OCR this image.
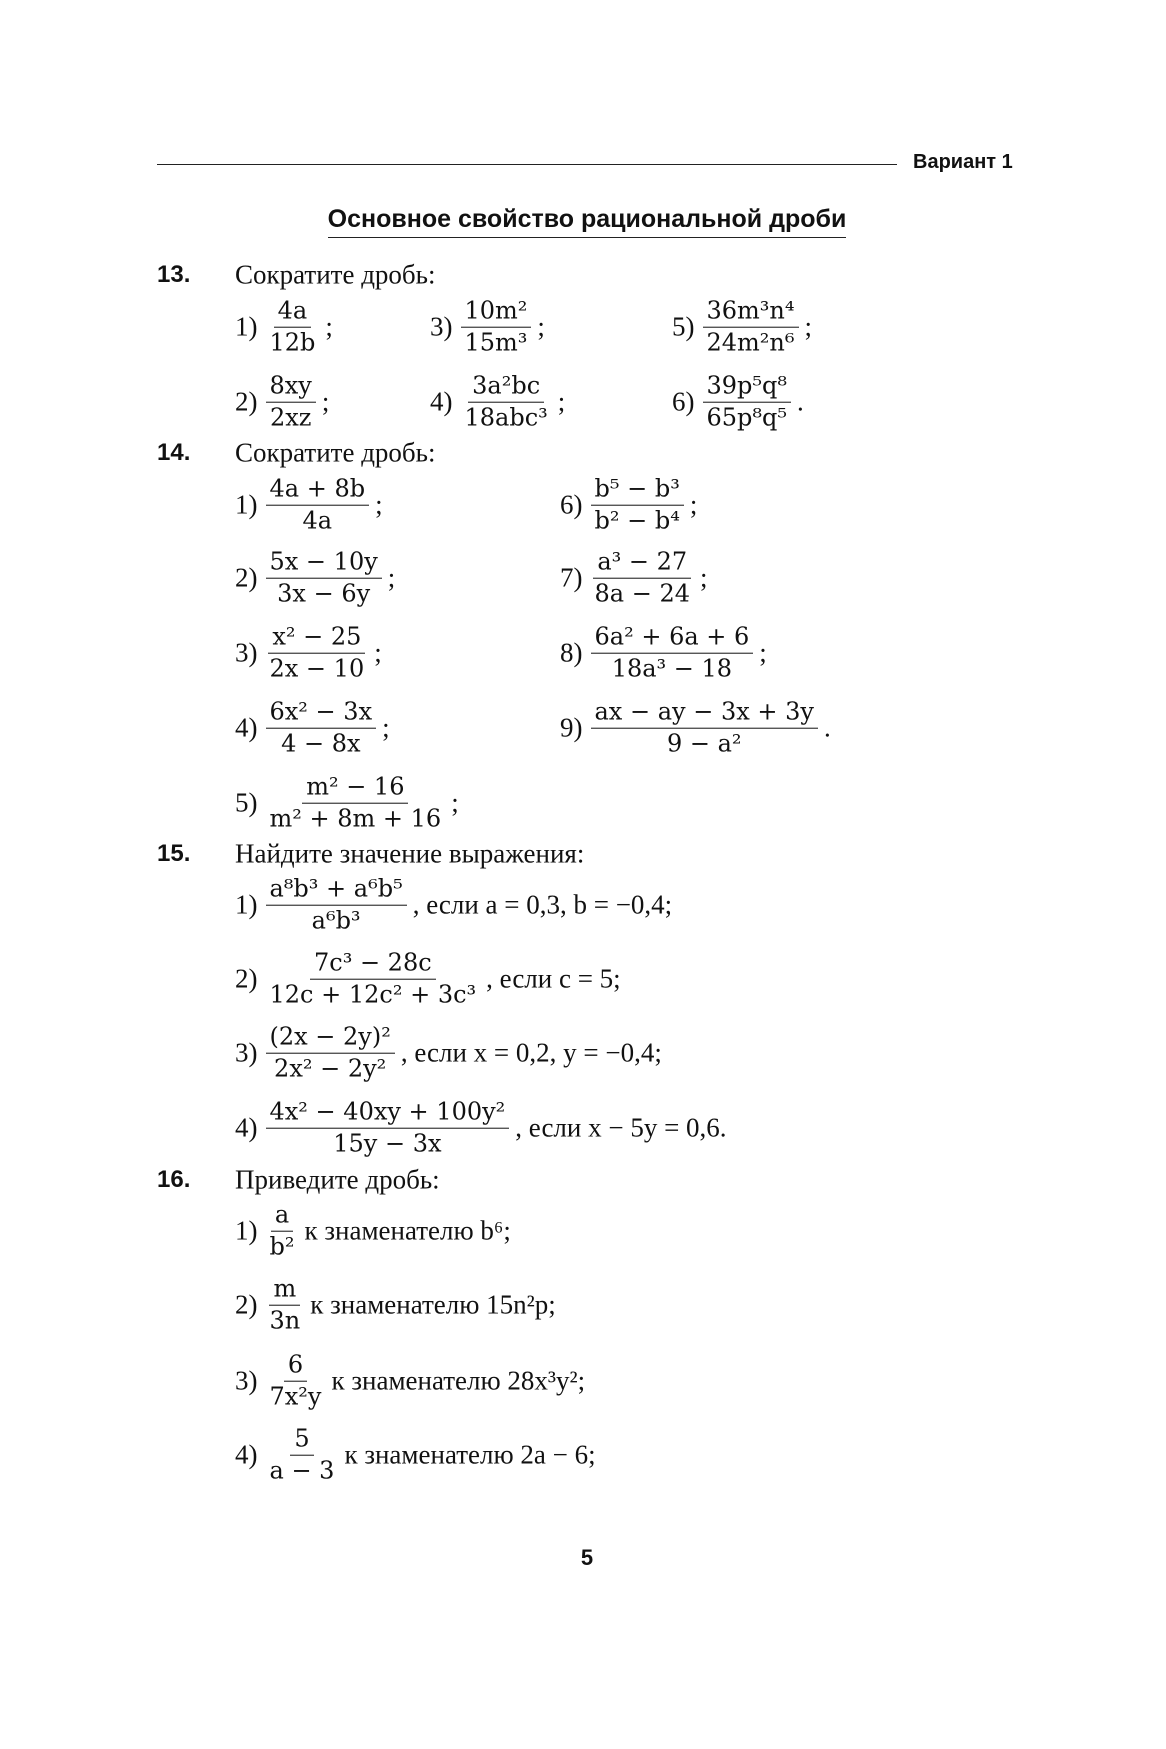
Вариант 1
Основное свойство рациональной дроби
13. Сократите дробь:
$1) \frac{4a}{12b}$ ;
$2) \frac{8xy}{2xz}$ ;
$3) \frac{\text{10m²}}{\text{15m³}}$ ;
$4) \frac{\text{3a²bc}}{\text{18abc³}}$ ;
$5) \frac{\text{36m³n⁴}}{\text{24m²n⁶}}$ ;
$6) \frac{\text{39p⁵q⁸}}{\text{65p⁸q⁵}}$ .
14. Сократите дробь:
$1) \frac{4a + 8b}{4a}$ ;
$2) \frac{5x - 10y}{3x - 6y}$ ;
$3) \frac{\text{x² − 25}}{2x - 10}$ ;
$4) \frac{\text{6x² − 3x}}{4 - 8x}$ ;
$5) \frac{\text{m² − 16}}{\text{m² + 8m + 16}}$ ;
$6) \frac{\text{b⁵ − b³}}{\text{b² − b⁴}}$ ;
$7) \frac{\text{a³ − 27}}{8a - 24}$ ;
$8) \frac{\text{6a² + 6a + 6}}{\text{18a³ − 18}}$ ;
$9) \frac{ax - ay - 3x + 3y}{\text{9 − a²}}$ .
15. Найдите значение выражения:
$1) \frac{\text{a⁸b³ + a⁶b⁵}}{\text{a⁶b³}}$ , если a = 0,3, b = −0,4;
$2) \frac{\text{7c³ − 28c}}{\text{12c + 12c² + 3c³}}$ , если c = 5;
$3) \frac{\text{(2x − 2y)²}}{\text{2x² − 2y²}}$ , если x = 0,2, y = −0,4;
$4) \frac{\text{4x² − 40xy + 100y²}}{15y - 3x}$ , если x − 5y = 0,6.
16. Приведите дробь:
$1) \frac{a}{\text{b²}}$ к знаменателю b⁶;
$2) \frac{m}{3n}$ к знаменателю 15n²p;
$3) \frac{6}{\text{7x²y}}$ к знаменателю 28x³y²;
$4) \frac{5}{a - 3}$ к знаменателю 2a − 6;
5
